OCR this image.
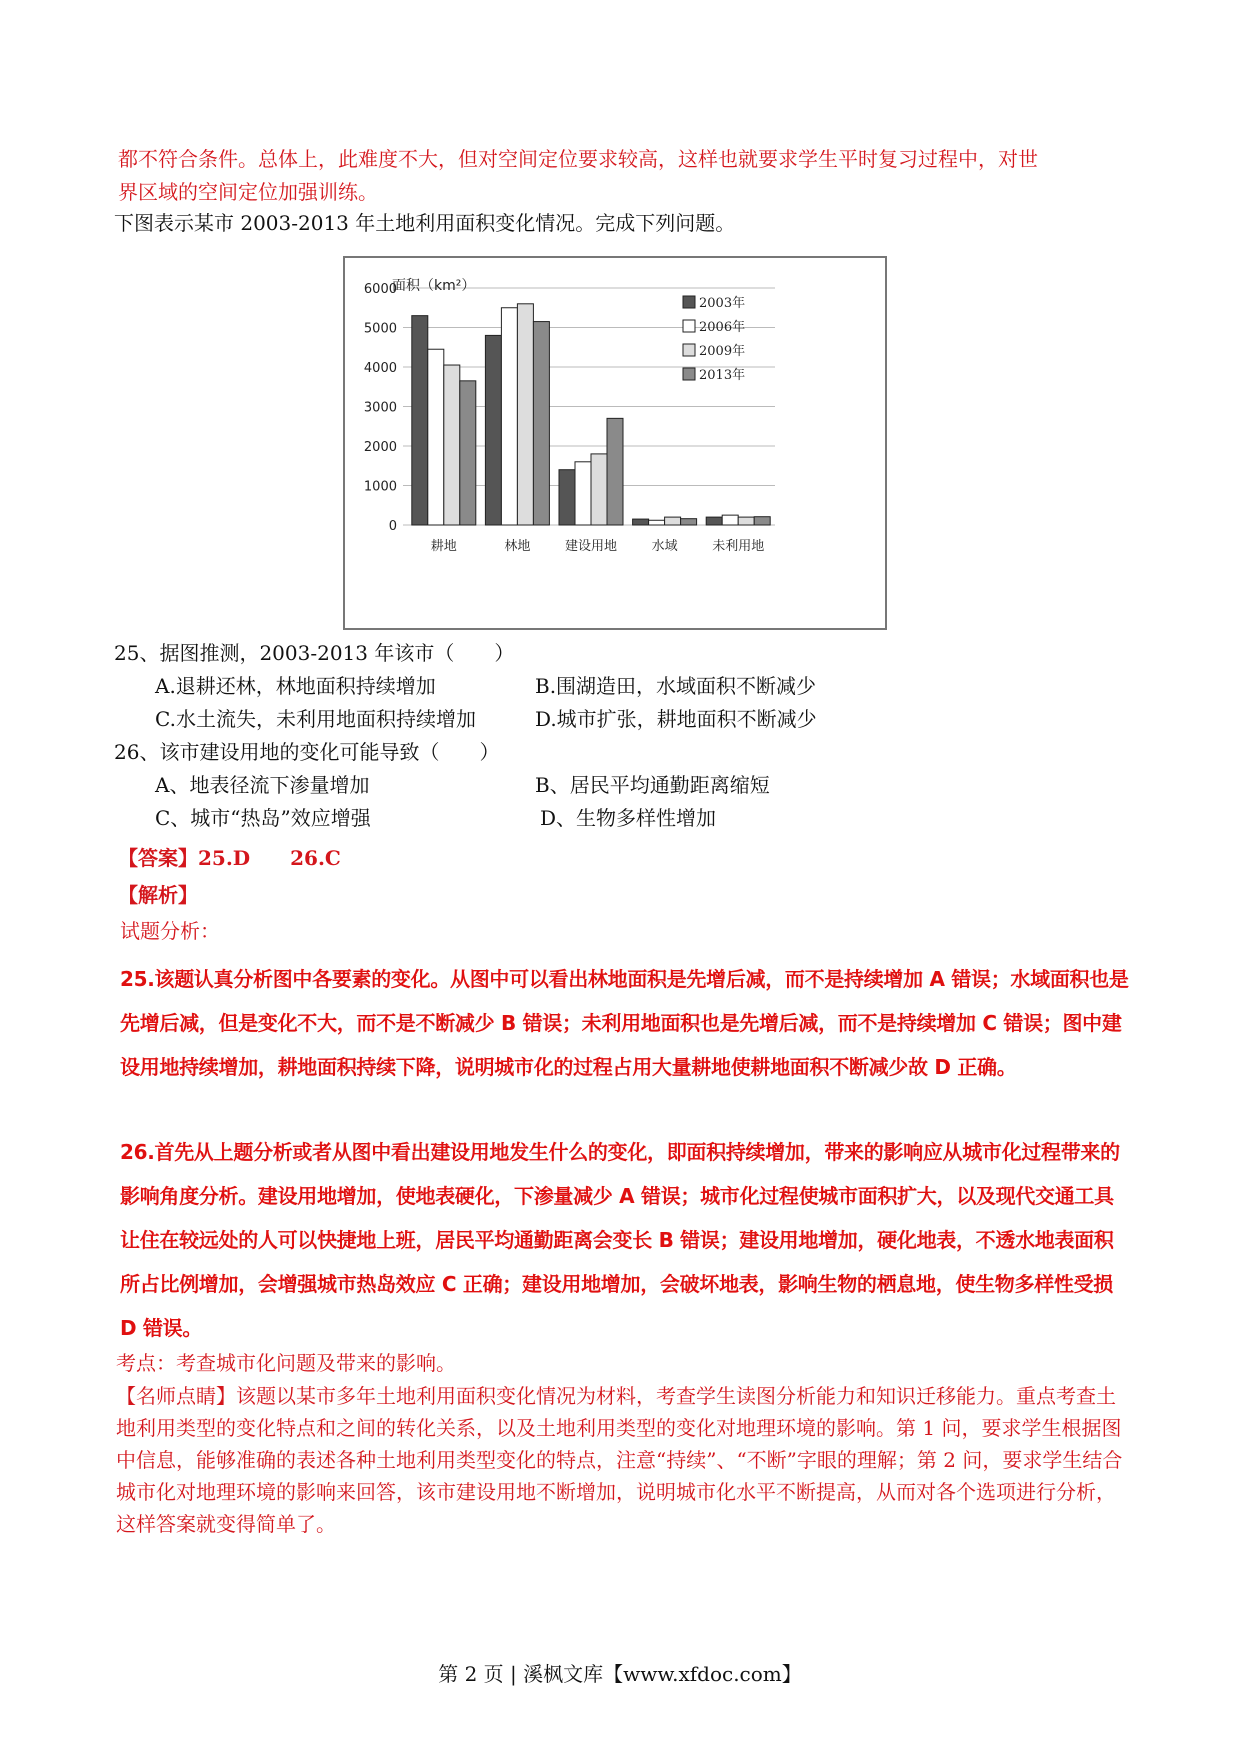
都不符合条件。总体上，此难度不大，但对空间定位要求较高，这样也就要求学生平时复习过程中，对世
界区域的空间定位加强训练。
下图表示某市 2003-2013 年土地利用面积变化情况。完成下列问题。
0
1000
2000
3000
4000
5000
6000
耕地	林地	建设用地	水域	未利用地
2003年
2006年
2009年
2013年
面积（km²）
25、据图推测，2003-2013 年该市（　　）
A.退耕还林，林地面积持续增加	B.围湖造田，水域面积不断减少
C.水土流失，未利用地面积持续增加	D.城市扩张，耕地面积不断减少
26、该市建设用地的变化可能导致（　　）
A、地表径流下渗量增加	B、居民平均通勤距离缩短
C、城市“热岛”效应增强	D、生物多样性增加
【答案】25.D　　26.C
【解析】
试题分析：
25.该题认真分析图中各要素的变化。从图中可以看出林地面积是先增后减，而不是持续增加 A 错误；水域面积也是先增后减，但是变化不大，而不是不断减少 B 错误；未利用地面积也是先增后减，而不是持续增加 C 错误；图中建设用地持续增加，耕地面积持续下降，说明城市化的过程占用大量耕地使耕地面积不断减少故 D 正确。
26.首先从上题分析或者从图中看出建设用地发生什么的变化，即面积持续增加，带来的影响应从城市化过程带来的影响角度分析。建设用地增加，使地表硬化，下渗量减少 A 错误；城市化过程使城市面积扩大，以及现代交通工具让住在较远处的人可以快捷地上班，居民平均通勤距离会变长 B 错误；建设用地增加，硬化地表，不透水地表面积所占比例增加，会增强城市热岛效应 C 正确；建设用地增加，会破坏地表，影响生物的栖息地，使生物多样性受损 D 错误。
考点：考查城市化问题及带来的影响。
【名师点睛】该题以某市多年土地利用面积变化情况为材料，考查学生读图分析能力和知识迁移能力。重点考查土地利用类型的变化特点和之间的转化关系，以及土地利用类型的变化对地理环境的影响。第 1 问，要求学生根据图中信息，能够准确的表述各种土地利用类型变化的特点，注意“持续”、“不断”字眼的理解；第 2 问，要求学生结合城市化对地理环境的影响来回答，该市建设用地不断增加，说明城市化水平不断提高，从而对各个选项进行分析，这样答案就变得简单了。
第 2 页 | 溪枫文库【www.xfdoc.com】
